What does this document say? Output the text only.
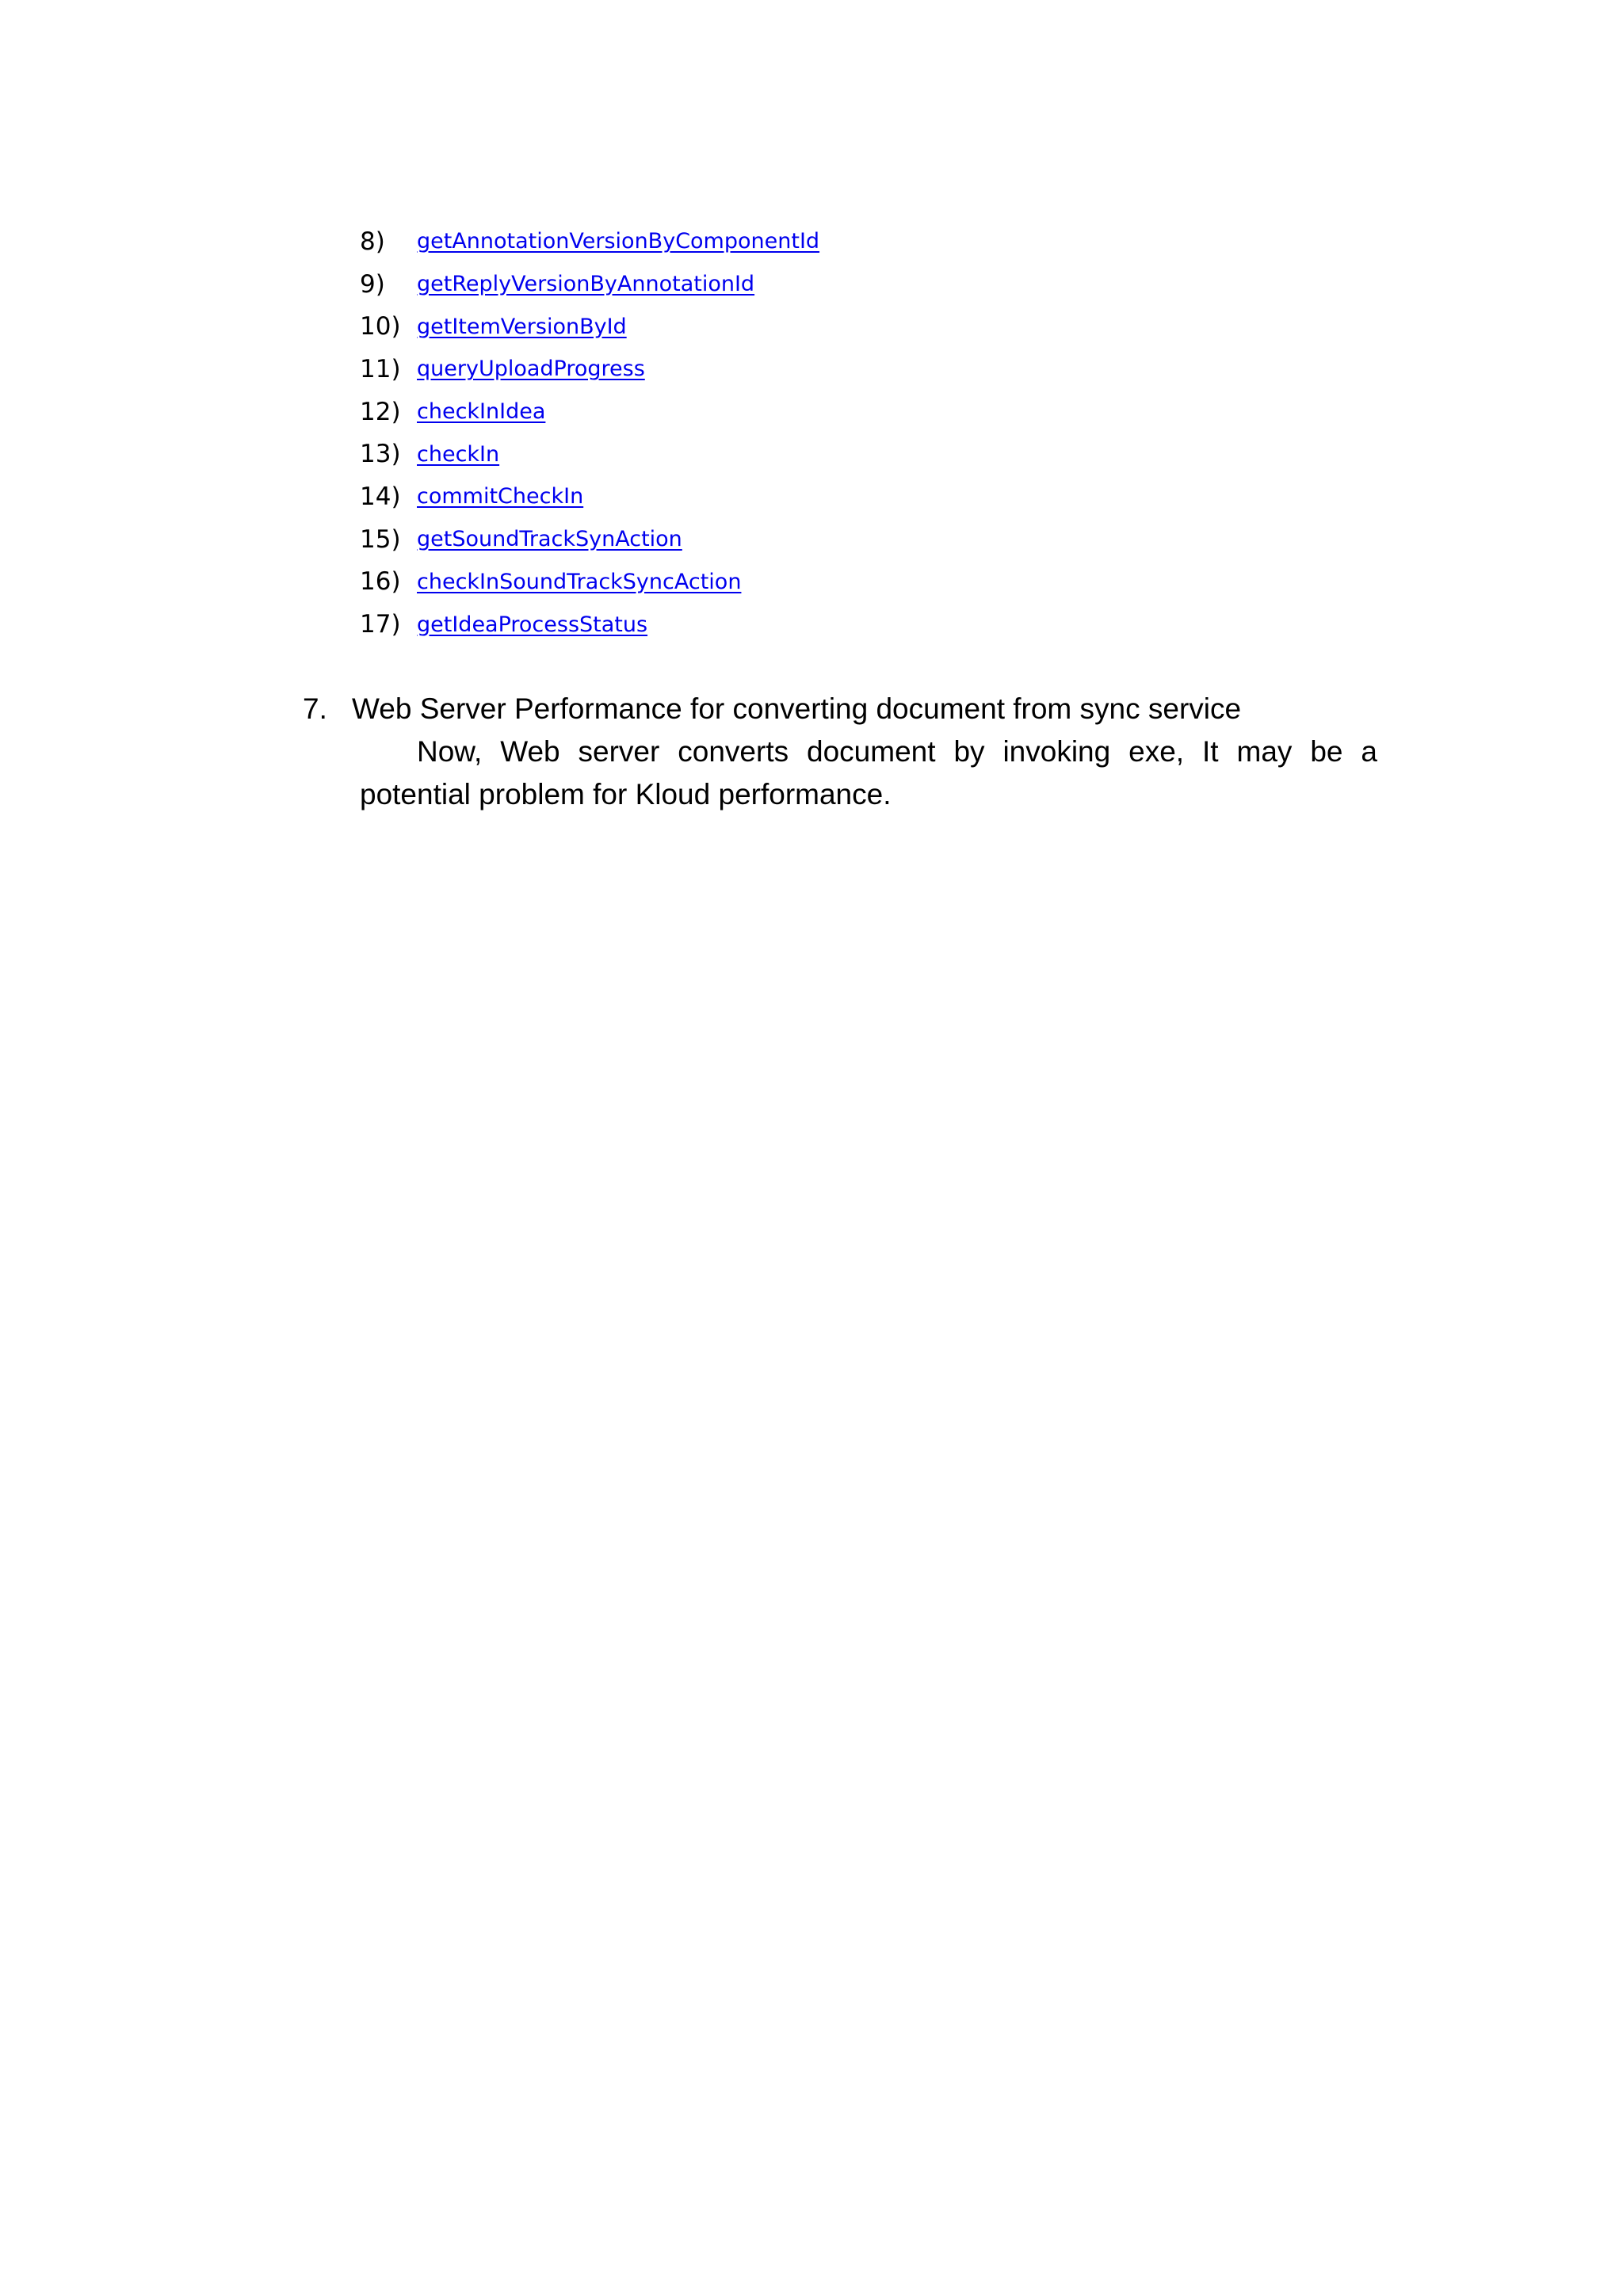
8)	getAnnotationVersionByComponentId
9)	getReplyVersionByAnnotationId
10) getItemVersionById
11) queryUploadProgress
12) checkInIdea
13) checkIn
14) commitCheckIn
15) getSoundTrackSynAction
16) checkInSoundTrackSyncAction
17) getIdeaProcessStatus
7. Web Server Performance for converting document from sync service

Now, Web server converts document by invoking exe, It may be a potential problem for Kloud performance.
